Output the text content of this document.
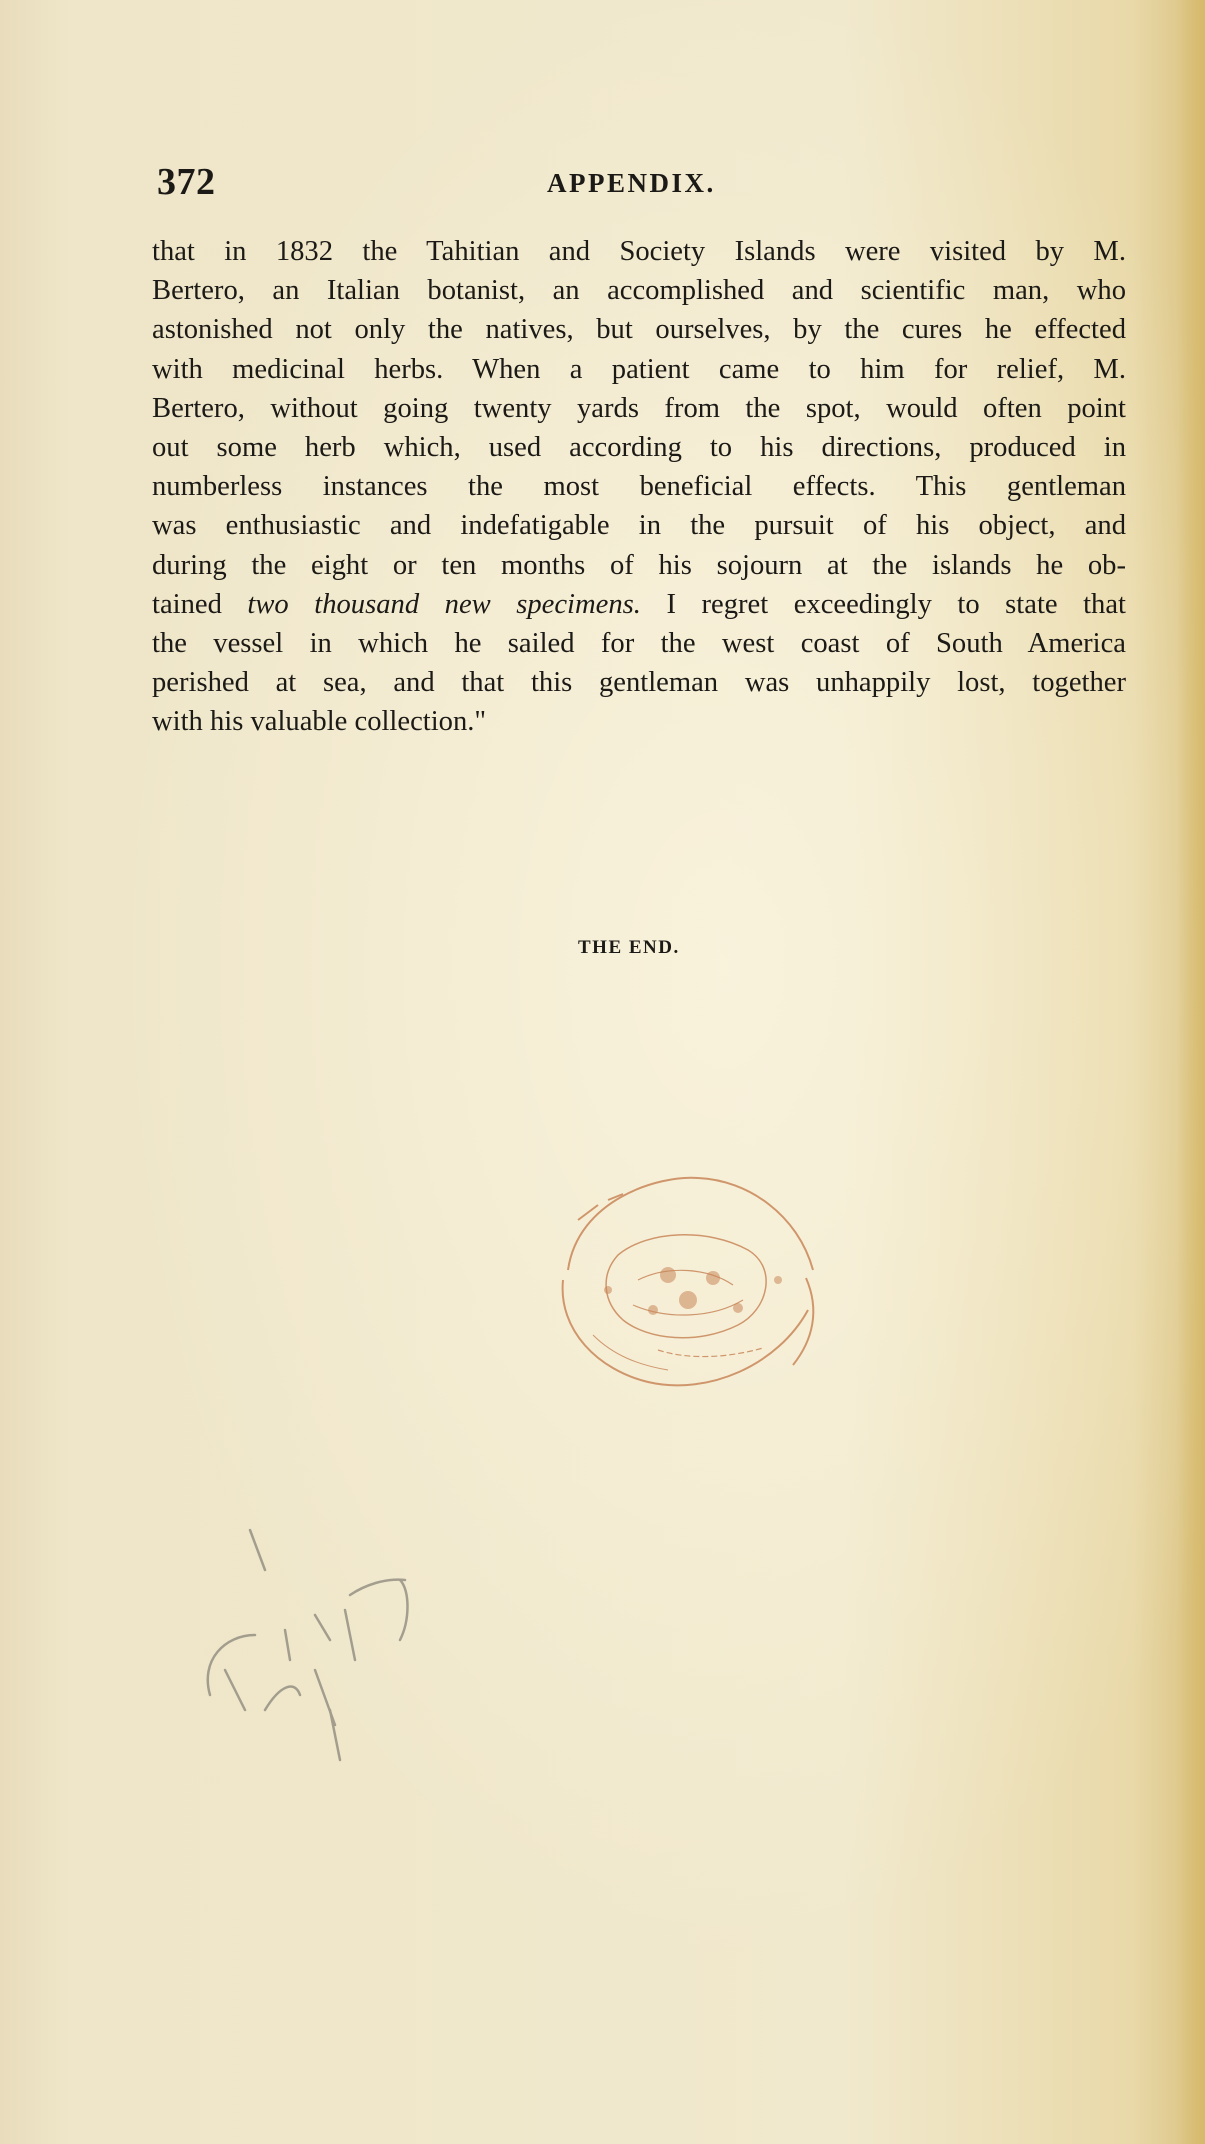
372	APPENDIX.
that in 1832 the Tahitian and Society Islands were visited by M.
Bertero, an Italian botanist, an accomplished and scientific man, who
astonished not only the natives, but ourselves, by the cures he effected
with medicinal herbs. When a patient came to him for relief, M.
Bertero, without going twenty yards from the spot, would often point
out some herb which, used according to his directions, produced in
numberless instances the most beneficial effects. This gentleman
was enthusiastic and indefatigable in the pursuit of his object, and
during the eight or ten months of his sojourn at the islands he ob-
tained two thousand new specimens. I regret exceedingly to state that
the vessel in which he sailed for the west coast of South America
perished at sea, and that this gentleman was unhappily lost, together
with his valuable collection."
THE END.
